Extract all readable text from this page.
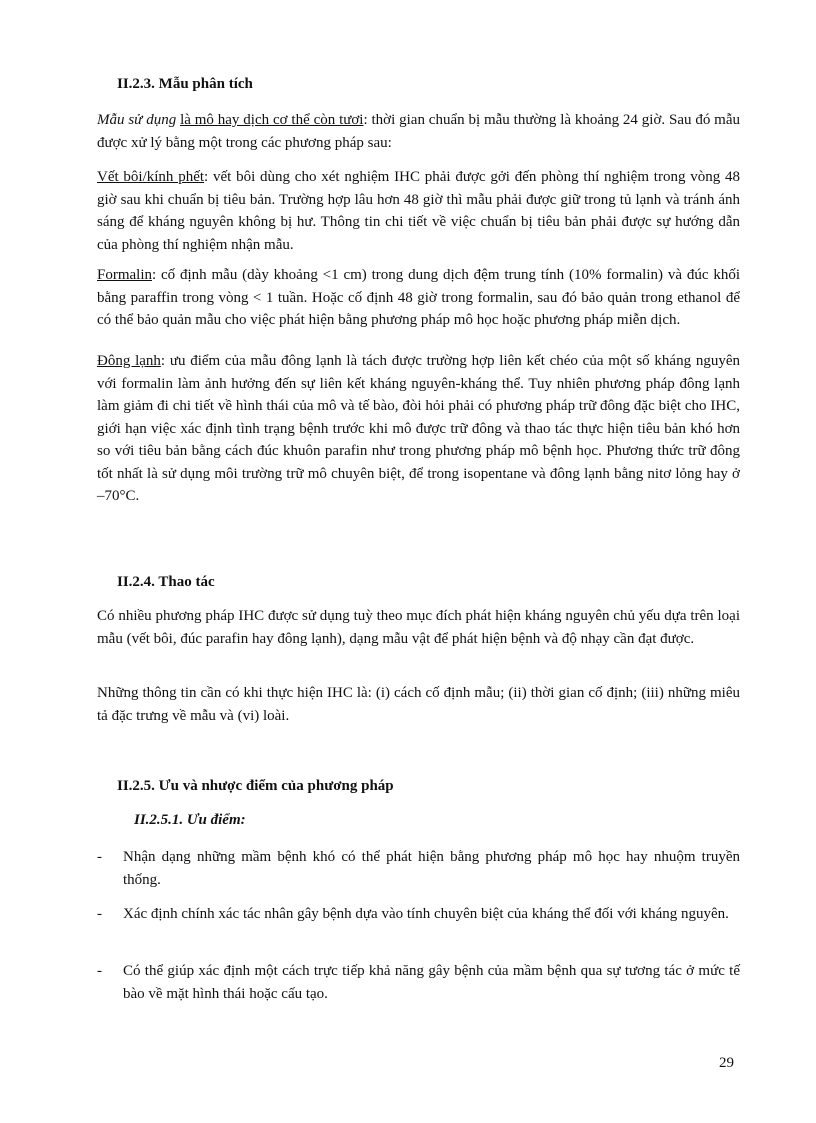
II.2.3. Mẫu phân tích
Mẫu sử dụng là mô hay dịch cơ thể còn tươi: thời gian chuẩn bị mẫu thường là khoảng 24 giờ. Sau đó mẫu được xử lý bằng một trong các phương pháp sau:
Vết bôi/kính phết: vết bôi dùng cho xét nghiệm IHC phải được gởi đến phòng thí nghiệm trong vòng 48 giờ sau khi chuẩn bị tiêu bản. Trường hợp lâu hơn 48 giờ thì mẫu phải được giữ trong tủ lạnh và tránh ánh sáng để kháng nguyên không bị hư. Thông tin chi tiết về việc chuẩn bị tiêu bản phải được sự hướng dẫn của phòng thí nghiệm nhận mẫu.
Formalin: cố định mẫu (dày khoảng <1 cm) trong dung dịch đệm trung tính (10% formalin) và đúc khối bằng paraffin trong vòng < 1 tuần. Hoặc cố định 48 giờ trong formalin, sau đó bảo quản trong ethanol để có thể bảo quản mẫu cho việc phát hiện bằng phương pháp mô học hoặc phương pháp miễn dịch.
Đông lạnh: ưu điểm của mẫu đông lạnh là tách được trường hợp liên kết chéo của một số kháng nguyên với formalin làm ảnh hưởng đến sự liên kết kháng nguyên-kháng thể. Tuy nhiên phương pháp đông lạnh làm giảm đi chi tiết về hình thái của mô và tế bào, đòi hỏi phải có phương pháp trữ đông đặc biệt cho IHC, giới hạn việc xác định tình trạng bệnh trước khi mô được trữ đông và thao tác thực hiện tiêu bản khó hơn so với tiêu bản bằng cách đúc khuôn parafin như trong phương pháp mô bệnh học. Phương thức trữ đông tốt nhất là sử dụng môi trường trữ mô chuyên biệt, để trong isopentane và đông lạnh bằng nitơ lỏng hay ở –70°C.
II.2.4. Thao tác
Có nhiều phương pháp IHC được sử dụng tuỳ theo mục đích phát hiện kháng nguyên chủ yếu dựa trên loại mẫu (vết bôi, đúc parafin hay đông lạnh), dạng mẫu vật để phát hiện bệnh và độ nhạy cần đạt được.
Những thông tin cần có khi thực hiện IHC là: (i) cách cố định mẫu; (ii) thời gian cố định; (iii) những miêu tả đặc trưng về mẫu và (vi) loài.
II.2.5. Ưu và nhược điểm của phương pháp
II.2.5.1. Ưu điểm:
- Nhận dạng những mầm bệnh khó có thể phát hiện bằng phương pháp mô học hay nhuộm truyền thống.
- Xác định chính xác tác nhân gây bệnh dựa vào tính chuyên biệt của kháng thể đối với kháng nguyên.
- Có thể giúp xác định một cách trực tiếp khả năng gây bệnh của mầm bệnh qua sự tương tác ở mức tế bào về mặt hình thái hoặc cấu tạo.
29
